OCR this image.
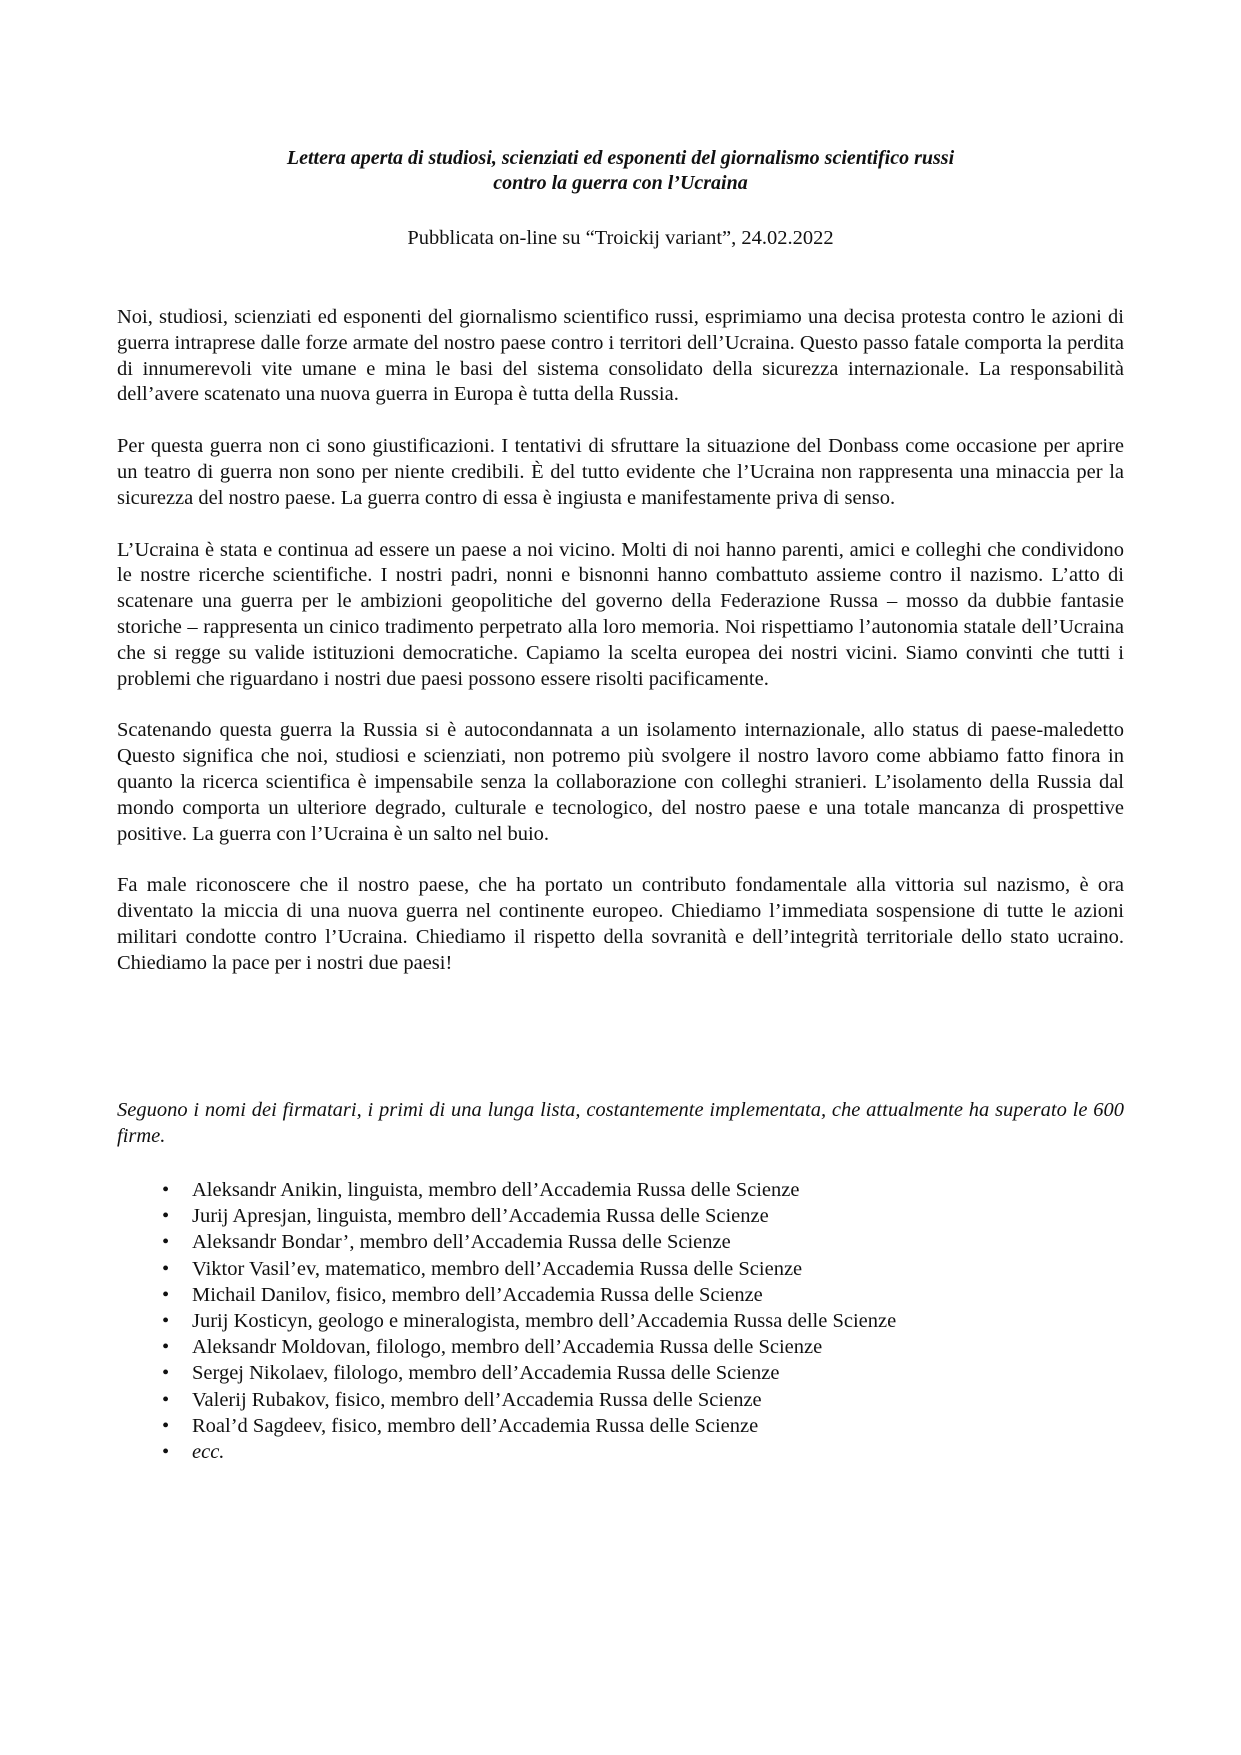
Lettera aperta di studiosi, scienziati ed esponenti del giornalismo scientifico russi
contro la guerra con l’Ucraina
Pubblicata on-line su “Troickij variant”, 24.02.2022

Noi, studiosi, scienziati ed esponenti del giornalismo scientifico russi, esprimiamo una decisa protesta contro le azioni di guerra intraprese dalle forze armate del nostro paese contro i territori dell’Ucraina. Questo passo fatale comporta la perdita di innumerevoli vite umane e mina le basi del sistema consolidato della sicurezza internazionale. La responsabilità dell’avere scatenato una nuova guerra in Europa è tutta della Russia.

Per questa guerra non ci sono giustificazioni. I tentativi di sfruttare la situazione del Donbass come occasione per aprire un teatro di guerra non sono per niente credibili. È del tutto evidente che l’Ucraina non rappresenta una minaccia per la sicurezza del nostro paese. La guerra contro di essa è ingiusta e manifestamente priva di senso.

L’Ucraina è stata e continua ad essere un paese a noi vicino. Molti di noi hanno parenti, amici e colleghi che condividono le nostre ricerche scientifiche. I nostri padri, nonni e bisnonni hanno combattuto assieme contro il nazismo. L’atto di scatenare una guerra per le ambizioni geopolitiche del governo della Federazione Russa – mosso da dubbie fantasie storiche – rappresenta un cinico tradimento perpetrato alla loro memoria. Noi rispettiamo l’autonomia statale dell’Ucraina che si regge su valide istituzioni democratiche. Capiamo la scelta europea dei nostri vicini. Siamo convinti che tutti i problemi che riguardano i nostri due paesi possono essere risolti pacificamente.

Scatenando questa guerra la Russia si è autocondannata a un isolamento internazionale, allo status di paese-maledetto Questo significa che noi, studiosi e scienziati, non potremo più svolgere il nostro lavoro come abbiamo fatto finora in quanto la ricerca scientifica è impensabile senza la collaborazione con colleghi stranieri. L’isolamento della Russia dal mondo comporta un ulteriore degrado, culturale e tecnologico, del nostro paese e una totale mancanza di prospettive positive. La guerra con l’Ucraina è un salto nel buio.

Fa male riconoscere che il nostro paese, che ha portato un contributo fondamentale alla vittoria sul nazismo, è ora diventato la miccia di una nuova guerra nel continente europeo. Chiediamo l’immediata sospensione di tutte le azioni militari condotte contro l’Ucraina. Chiediamo il rispetto della sovranità e dell’integrità territoriale dello stato ucraino. Chiediamo la pace per i nostri due paesi!

Seguono i nomi dei firmatari, i primi di una lunga lista, costantemente implementata, che attualmente ha superato le 600 firme.
•	Aleksandr Anikin, linguista, membro dell’Accademia Russa delle Scienze
•	Jurij Apresjan, linguista, membro dell’Accademia Russa delle Scienze
•	Aleksandr Bondar’, membro dell’Accademia Russa delle Scienze
•	Viktor Vasil’ev, matematico, membro dell’Accademia Russa delle Scienze
•	Michail Danilov, fisico, membro dell’Accademia Russa delle Scienze
•	Jurij Kosticyn, geologo e mineralogista, membro dell’Accademia Russa delle Scienze
•	Aleksandr Moldovan, filologo, membro dell’Accademia Russa delle Scienze
•	Sergej Nikolaev, filologo, membro dell’Accademia Russa delle Scienze
•	Valerij Rubakov, fisico, membro dell’Accademia Russa delle Scienze
•	Roal’d Sagdeev, fisico, membro dell’Accademia Russa delle Scienze
•	ecc.
